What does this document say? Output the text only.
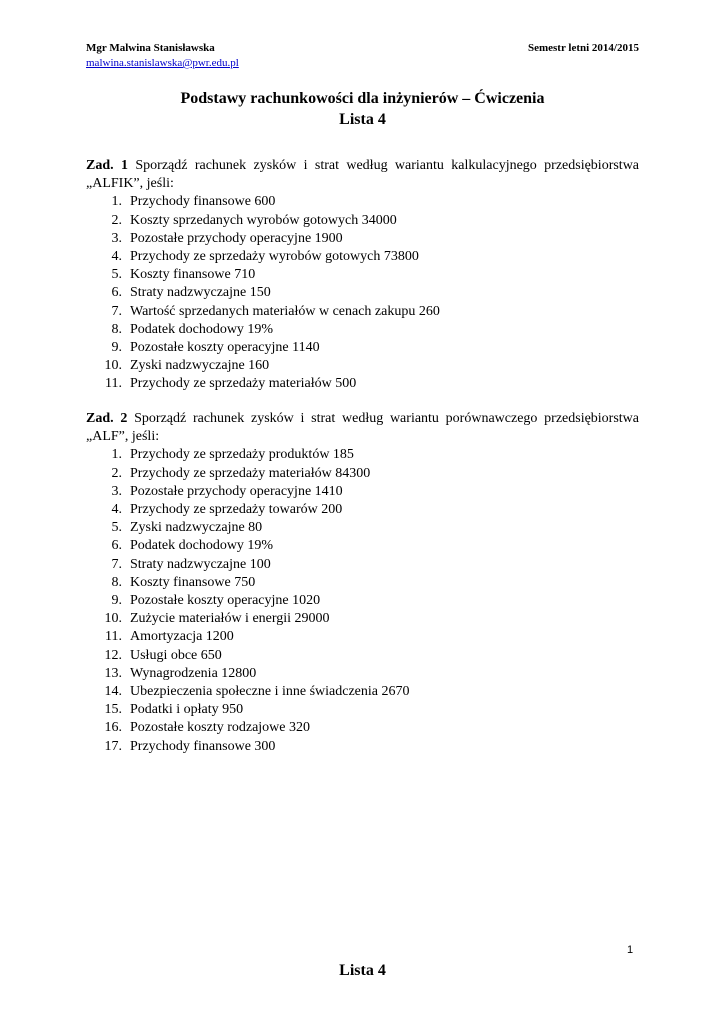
Mgr Malwina Stanisławska	Semestr letni 2014/2015
malwina.stanislawska@pwr.edu.pl
Podstawy rachunkowości dla inżynierów – Ćwiczenia
Lista 4

Zad. 1 Sporządź rachunek zysków i strat według wariantu kalkulacyjnego przedsiębiorstwa „ALFIK”, jeśli:

1. Przychody finansowe 600
2. Koszty sprzedanych wyrobów gotowych 34000
3. Pozostałe przychody operacyjne 1900
4. Przychody ze sprzedaży wyrobów gotowych 73800
5. Koszty finansowe 710
6. Straty nadzwyczajne 150
7. Wartość sprzedanych materiałów w cenach zakupu 260
8. Podatek dochodowy 19%
9. Pozostałe koszty operacyjne 1140
10. Zyski nadzwyczajne 160
11. Przychody ze sprzedaży materiałów 500

Zad. 2 Sporządź rachunek zysków i strat według wariantu porównawczego przedsiębiorstwa „ALF”, jeśli:

1. Przychody ze sprzedaży produktów 185
2. Przychody ze sprzedaży materiałów 84300
3. Pozostałe przychody operacyjne 1410
4. Przychody ze sprzedaży towarów 200
5. Zyski nadzwyczajne 80
6. Podatek dochodowy 19%
7. Straty nadzwyczajne 100
8. Koszty finansowe 750
9. Pozostałe koszty operacyjne 1020
10. Zużycie materiałów i energii 29000
11. Amortyzacja 1200
12. Usługi obce 650
13. Wynagrodzenia 12800
14. Ubezpieczenia społeczne i inne świadczenia 2670
15. Podatki i opłaty 950
16. Pozostałe koszty rodzajowe 320
17. Przychody finansowe 300
1
Lista 4
